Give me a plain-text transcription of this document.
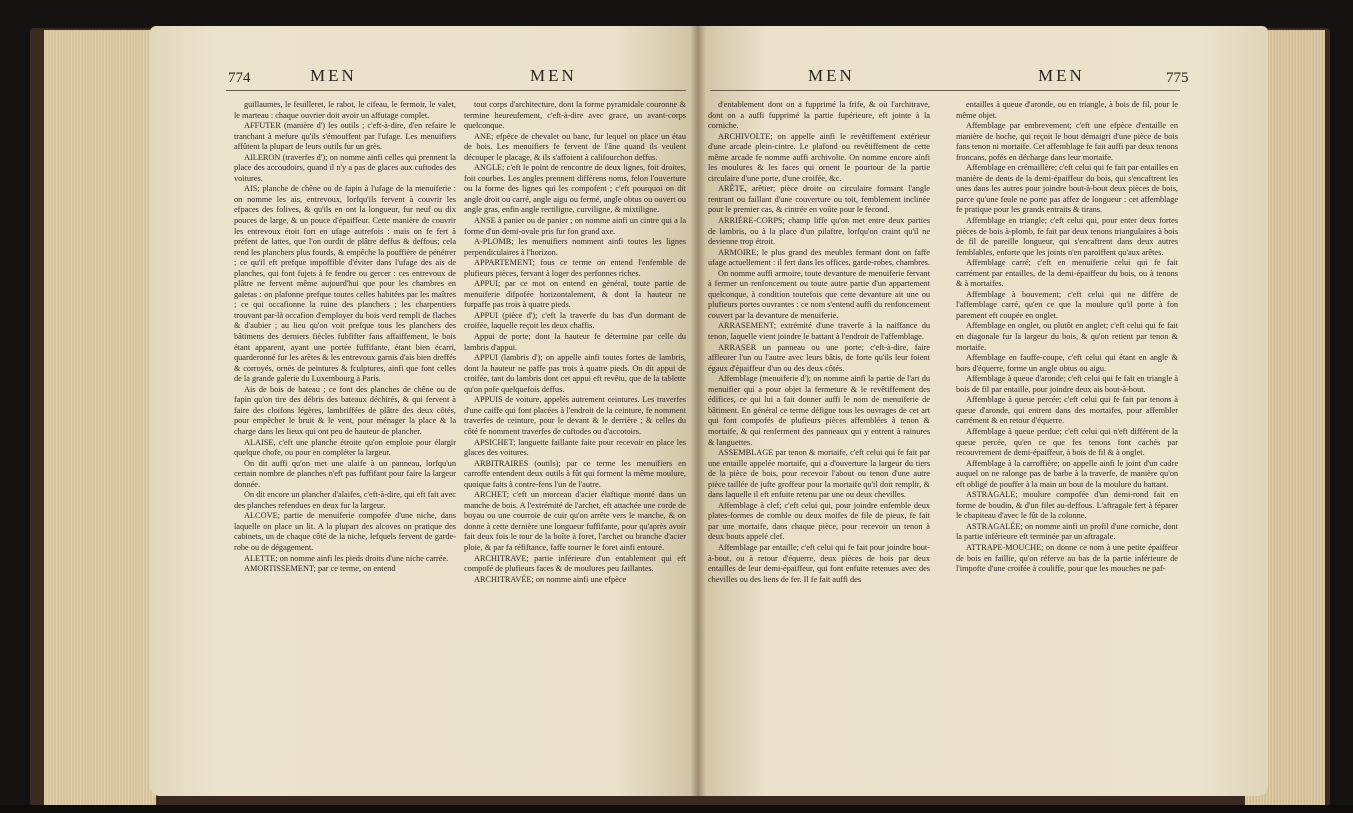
774	MEN	MEN

guillaumes, le feuilleret, le rabot, le cifeau, le fermoir, le valet, le marteau : chaque ouvrier doit avoir un affutage complet.

AFFUTER (manière d') les outils ; c'eft-à-dire, d'en refaire le tranchant à mefure qu'ils s'émouffent par l'ufage. Les menuifiers affûtent la plupart de leurs outils fur un grès.

AILERON (traverfes d'); on nomme ainfi celles qui prennent la place des accoudoirs, quand il n'y a pas de glaces aux cuftodes des voitures.

AIS; planche de chêne ou de fapin à l'ufage de la menuiferie : on nomme les ais, entrevoux, lorfqu'ils fervent à couvrir les efpaces des folives, & qu'ils en ont la longueur, fur neuf ou dix pouces de large, & un pouce d'épaiffeur. Cette manière de couvrir les entrevoux étoit fort en ufage autrefois : mais on fe fert à préfent de lattes, que l'on ourdit de plâtre deffus & deffous; cela rend les planchers plus fourds, & empêche la pouffière de pénétrer ; ce qu'il eft prefque impoffible d'éviter dans l'ufage des ais de planches, qui font fujets à fe fendre ou gercer : ces entrevoux de plâtre ne fervent même aujourd'hui que pour les chambres en galetas : on plafonne prefque toutes celles habitées par les maîtres ; ce qui occafionne la ruine des planchers ; les charpentiers trouvant par-là occafion d'employer du bois verd rempli de flaches & d'aubier ; au lieu qu'on voit prefque tous les planchers des bâtimens des derniers fiècles fubfifter fans affaiffement, le bois étant apparent, ayant une portée fuffifante, étant bien écarri, quarderonné fur les arêtes & les entrevoux garnis d'ais bien dreffés & corroyés, ornés de peintures & fculptures, ainfi que font celles de la grande galerie du Luxembourg à Paris.

Ais de bois de bateau ; ce font des planches de chêne ou de fapin qu'on tire des débris des bateaux déchirés, & qui fervent à faire des cloifons légères, lambriffées de plâtre des deux côtés, pour empêcher le bruit & le vent, pour ménager la place & la charge dans les lieux qui ont peu de hauteur de plancher.

ALAISE, c'eft une planche étroite qu'on emploie pour élargir quelque chofe, ou pour en compléter la largeur.

On dit auffi qu'on met une alaife à un panneau, lorfqu'un certain nombre de planches n'eft pas fuffifant pour faire la largeur donnée.

On dit encore un plancher d'alaifes, c'eft-à-dire, qui eft fait avec des planches refendues en deux fur la largeur.

ALCOVE; partie de menuiferie compofée d'une niche, dans laquelle on place un lit. A la plupart des alcoves on pratique des cabinets, un de chaque côté de la niche, lefquels fervent de garde-robe ou de dégagement.

ALETTE; on nomme ainfi les pieds droits d'une niche carrée.

AMORTISSEMENT; par ce terme, on entend

tout corps d'architecture, dont la forme pyramidale couronne & termine heureufement, c'eft-à-dire avec grace, un avant-corps quelconque.

ANE; efpèce de chevalet ou banc, fur lequel on place un étau de bois. Les menuifiers fe fervent de l'âne quand ils veulent découper le placage, & ils s'affoient à califourchon deffus.

ANGLE; c'eft le point de rencontre de deux lignes, foit droites, foit courbes. Les angles prennent différens noms, felon l'ouverture ou la forme des lignes qui les compofent ; c'eft pourquoi on dit angle droit ou carré, angle aigu ou fermé, angle obtus ou ouvert ou angle gras, enfin angle rectiligne, curviligne, & mixtiligne.

ANSE à panier ou de panier ; on nomme ainfi un cintre qui a la forme d'un demi-ovale pris fur fon grand axe.

A-PLOMB; les menuifiers nomment ainfi toutes les lignes perpendiculaires à l'horizon.

APPARTEMENT; fous ce terme on entend l'enfemble de plufieurs pièces, fervant à loger des perfonnes riches.

APPUI; par ce mot on entend en général, toute partie de menuiferie difpofée horizontalement, & dont la hauteur ne furpaffe pas trois à quatre pieds.

APPUI (pièce d'); c'eft la traverfe du bas d'un dormant de croifée, laquelle reçoit les deux chaffis.

Appui de porte; dont la hauteur fe détermine par celle du lambris d'appui.

APPUI (lambris d'); on appelle ainfi toutes fortes de lambris, dont la hauteur ne paffe pas trois à quatre pieds. On dit appui de croifée, tant du lambris dont cet appui eft revêtu, que de la tablette qu'on pofe quelquefois deffus.

APPUIS de voiture, appelés autrement ceintures. Les traverfes d'une caiffe qui font placées à l'endroit de la ceinture, fe nomment traverfes de ceinture, pour le devant & le derrière ; & celles du côté fe nomment traverfes de cuftodes ou d'accotoirs.

APSICHET; languette faillante faite pour recevoir en place les glaces des voitures.

ARBITRAIRES (outils); par ce terme les menuifiers en carroffe entendent deux outils à fût qui forment la même moulure, quoique faits à contre-fens l'un de l'autre.

ARCHET; c'eft un morceau d'acier élaftique monté dans un manche de bois. A l'extrémité de l'archet, eft attachée une corde de boyau ou une courroie de cuir qu'on arrête vers le manche, & on donne à cette dernière une longueur fuffifante, pour qu'après avoir fait deux fois le tour de la boîte à foret, l'archet ou branche d'acier ploie, & par fa réfiftance, faffe tourner le foret ainfi entouré.

ARCHITRAVE; partie inférieure d'un entablement qui eft compofé de plufieurs faces & de moulures peu faillantes.

ARCHITRAVÉE; on nomme ainfi une efpèce

MEN	MEN	775

d'entablement dont on a fupprimé la frife, & où l'architrave, dont on a auffi fupprimé la partie fupérieure, eft jointe à la corniche.

ARCHIVOLTE; on appelle ainfi le revêtiffement extérieur d'une arcade plein-cintre. Le plafond ou revêtiffement de cette même arcade fe nomme auffi archivolte. On nomme encore ainfi les moulures & les faces qui ornent le pourtour de la partie circulaire d'une porte, d'une croifée, &c.

ARÊTE, arêtier; pièce droite ou circulaire formant l'angle rentrant ou faillant d'une couverture ou toit, femblement inclinée pour le premier cas, & cintrée en voûte pour le fecond.

ARRIÈRE-CORPS; champ liffe qu'on met entre deux parties de lambris, ou à la place d'un pilaftre, lorfqu'on craint qu'il ne devienne trop étroit.

ARMOIRE; le plus grand des meubles fermant dont on faffe ufage actuellement : il fert dans les offices, garde-robes, chambres.

On nomme auffi armoire, toute devanture de menuiferie fervant à fermer un renfoncement ou toute autre partie d'un appartement quelconque, à condition toutefois que cette devanture ait une ou plufieurs portes ouvrantes : ce nom s'entend auffi du renfoncement couvert par la devanture de menuiferie.

ARRASEMENT; extrémité d'une traverfe à la naiffance du tenon, laquelle vient joindre le battant à l'endroit de l'affemblage.

ARRASER un panneau ou une porte; c'eft-à-dire, faire affleurer l'un ou l'autre avec leurs bâtis, de forte qu'ils leur foient égaux d'épaiffeur d'un ou des deux côtés.

Affemblage (menuiferie d'); on nomme ainfi la partie de l'art du menuifier qui a pour objet la fermeture & le revêtiffement des édifices, ce qui lui a fait donner auffi le nom de menuiferie de bâtiment. En général ce terme défigne tous les ouvrages de cet art qui font compofés de plufieurs pièces affemblées à tenon & mortaife, & qui renferment des panneaux qui y entrent à rainures & languettes.

ASSEMBLAGE par tenon & mortaife, c'eft celui qui fe fait par une entaille appelée mortaife, qui a d'ouverture la largeur du tiers de la pièce de bois, pour recevoir l'about ou tenon d'une autre pièce taillée de jufte groffeur pour la mortaife qu'il doit remplir, & dans laquelle il eft enfuite retenu par une ou deux chevilles.

Affemblage à clef; c'eft celui qui, pour joindre enfemble deux plates-formes de comble ou deux moifes de file de pieux, fe fait par une mortaife, dans chaque pièce, pour recevoir un tenon à deux bouts appelé clef.

Affemblage par entaille; c'eft celui qui fe fait pour joindre bout-à-bout, ou à retour d'équerre, deux pièces de bois par deux entailles de leur demi-épaiffeur, qui font enfuite retenues avec des chevilles ou des liens de fer. Il fe fait auffi des

entailles à queue d'aronde, ou en triangle, à bois de fil, pour le même objet.

Affemblage par embrevement; c'eft une efpèce d'entaille en manière de hoche, qui reçoit le bout démaigri d'une pièce de bois fans tenon ni mortaife. Cet affemblage fe fait auffi par deux tenons froncans, pofés en décharge dans leur mortaife.

Affemblage en crémaillère; c'eft celui qui fe fait par entailles en manière de dents de la demi-épaiffeur du bois, qui s'encaftrent les unes dans les autres pour joindre bout-à-bout deux pièces de bois, parce qu'une feule ne porte pas affez de longueur : cet affemblage fe pratique pour les grands entraits & tirans.

Affemblage en triangle; c'eft celui qui, pour enter deux fortes pièces de bois à-plomb, fe fait par deux tenons triangulaires à bois de fil de pareille longueur, qui s'encaftrent dans deux autres femblables, enforte que les joints n'en paroiffent qu'aux arêtes.

Affemblage carré; c'eft en menuiferie celui qui fe fait carrément par entailles, de la demi-épaiffeur du bois, ou à tenons & à mortaifes.

Affemblage à bouvement; c'eft celui qui ne diffère de l'affemblage carré, qu'en ce que la moulure qu'il porte à fon parement eft coupée en onglet.

Affemblage en onglet, ou plutôt en anglet; c'eft celui qui fe fait en diagonale fur la largeur du bois, & qu'on retient par tenon & mortaife.

Affemblage en fauffe-coupe, c'eft celui qui étant en angle & hors d'équerre, forme un angle obtus ou aigu.

Affemblage à queue d'aronde; c'eft celui qui fe fait en triangle à bois de fil par entaille, pour joindre deux ais bout-à-bout.

Affemblage à queue percée; c'eft celui qui fe fait par tenons à queue d'aronde, qui entrent dans des mortaifes, pour affembler carrément & en retour d'équerre.

Affemblage à queue perdue; c'eft celui qui n'eft différent de la queue percée, qu'en ce que fes tenons font cachés par recouvrement de demi-épaiffeur, à bois de fil & à onglet.

Affemblage à la carroffière; on appelle ainfi le joint d'un cadre auquel on ne ralonge pas de barbe à la traverfe, de manière qu'on eft obligé de pouffer à la main un bout de la moulure du battant.

ASTRAGALE; moulure compofée d'un demi-rond fait en forme de boudin, & d'un filet au-deffous. L'aftragale fert à féparer le chapiteau d'avec le fût de la colonne.

ASTRAGALÉE; on nomme ainfi un profil d'une corniche, dont la partie inférieure eft terminée par un aftragale.

ATTRAPE-MOUCHE; on donne ce nom à une petite épaiffeur de bois en faillie, qu'on réferve au bas de la partie inférieure de l'impofte d'une croifée à couliffe, pour que les mouches ne paf-
